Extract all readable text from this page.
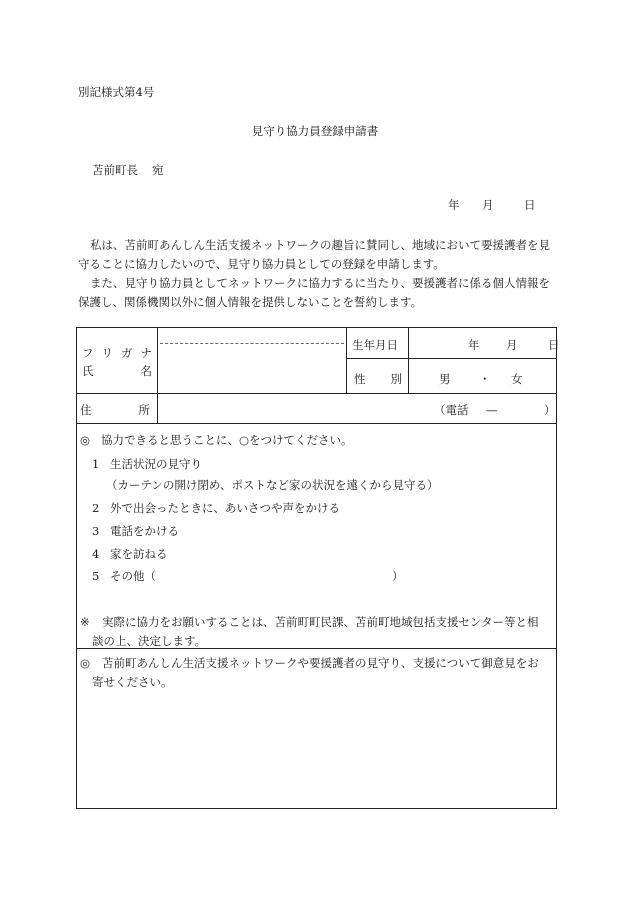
別記様式第4号
見守り協力員登録申請書
苫前町長 宛
年 月	日
私は、苫前町あんしん生活支援ネットワークの趣旨に賛同し、地域において要援護者を見守ることに協力したいので、見守り協力員としての登録を申請します。
また、見守り協力員としてネットワークに協力するに当たり、要援護者に係る個人情報を保護し、関係機関以外に個人情報を提供しないことを誓約します。
フ リ ガ ナ
氏	名
生年月日	年 月	日
性 別	男 ・ 女
住	所	（電話 —	）
◎ 協力できると思うことに、○をつけてください。
1 生活状況の見守り
（カーテンの開け閉め、ポストなど家の状況を遠くから見守る）
2 外で出会ったときに、あいさつや声をかける
3 電話をかける
4 家を訪ねる
5 その他（	）
※ 実際に協力をお願いすることは、苫前町町民課、苫前町地域包括支援センター等と相
談の上、決定します。
◎ 苫前町あんしん生活支援ネットワークや要援護者の見守り、支援について御意見をお
寄せください。
